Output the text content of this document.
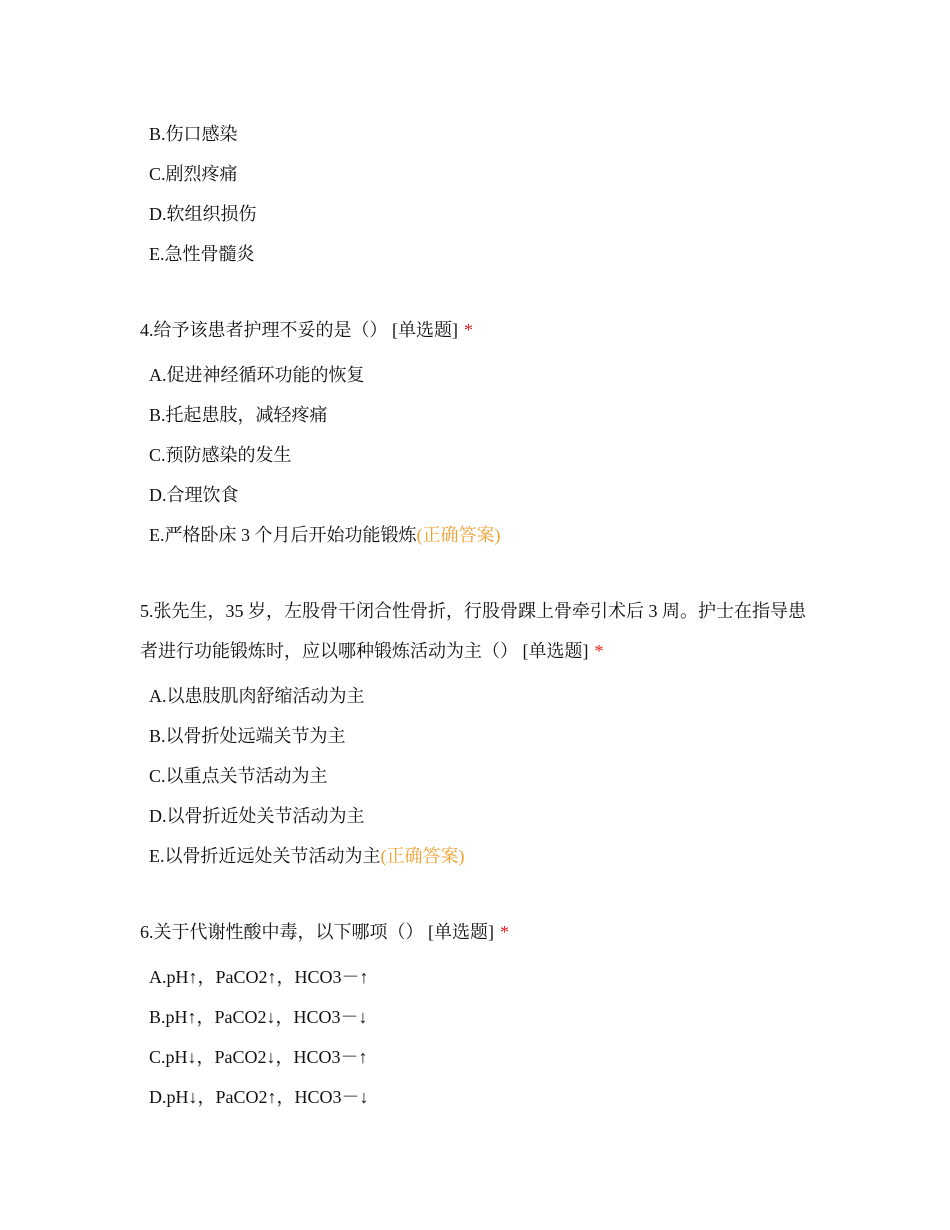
B.伤口感染
C.剧烈疼痛
D.软组织损伤
E.急性骨髓炎
4.给予该患者护理不妥的是（） [单选题] *
A.促进神经循环功能的恢复
B.托起患肢，减轻疼痛
C.预防感染的发生
D.合理饮食
E.严格卧床 3 个月后开始功能锻炼(正确答案)
5.张先生，35 岁，左股骨干闭合性骨折，行股骨踝上骨牵引术后 3 周。护士在指导患者进行功能锻炼时，应以哪种锻炼活动为主（） [单选题] *
A.以患肢肌肉舒缩活动为主
B.以骨折处远端关节为主
C.以重点关节活动为主
D.以骨折近处关节活动为主
E.以骨折近远处关节活动为主(正确答案)
6.关于代谢性酸中毒，以下哪项（） [单选题] *
A.pH↑，PaCO2↑，HCO3－↑
B.pH↑，PaCO2↓，HCO3－↓
C.pH↓，PaCO2↓，HCO3－↑
D.pH↓，PaCO2↑，HCO3－↓
